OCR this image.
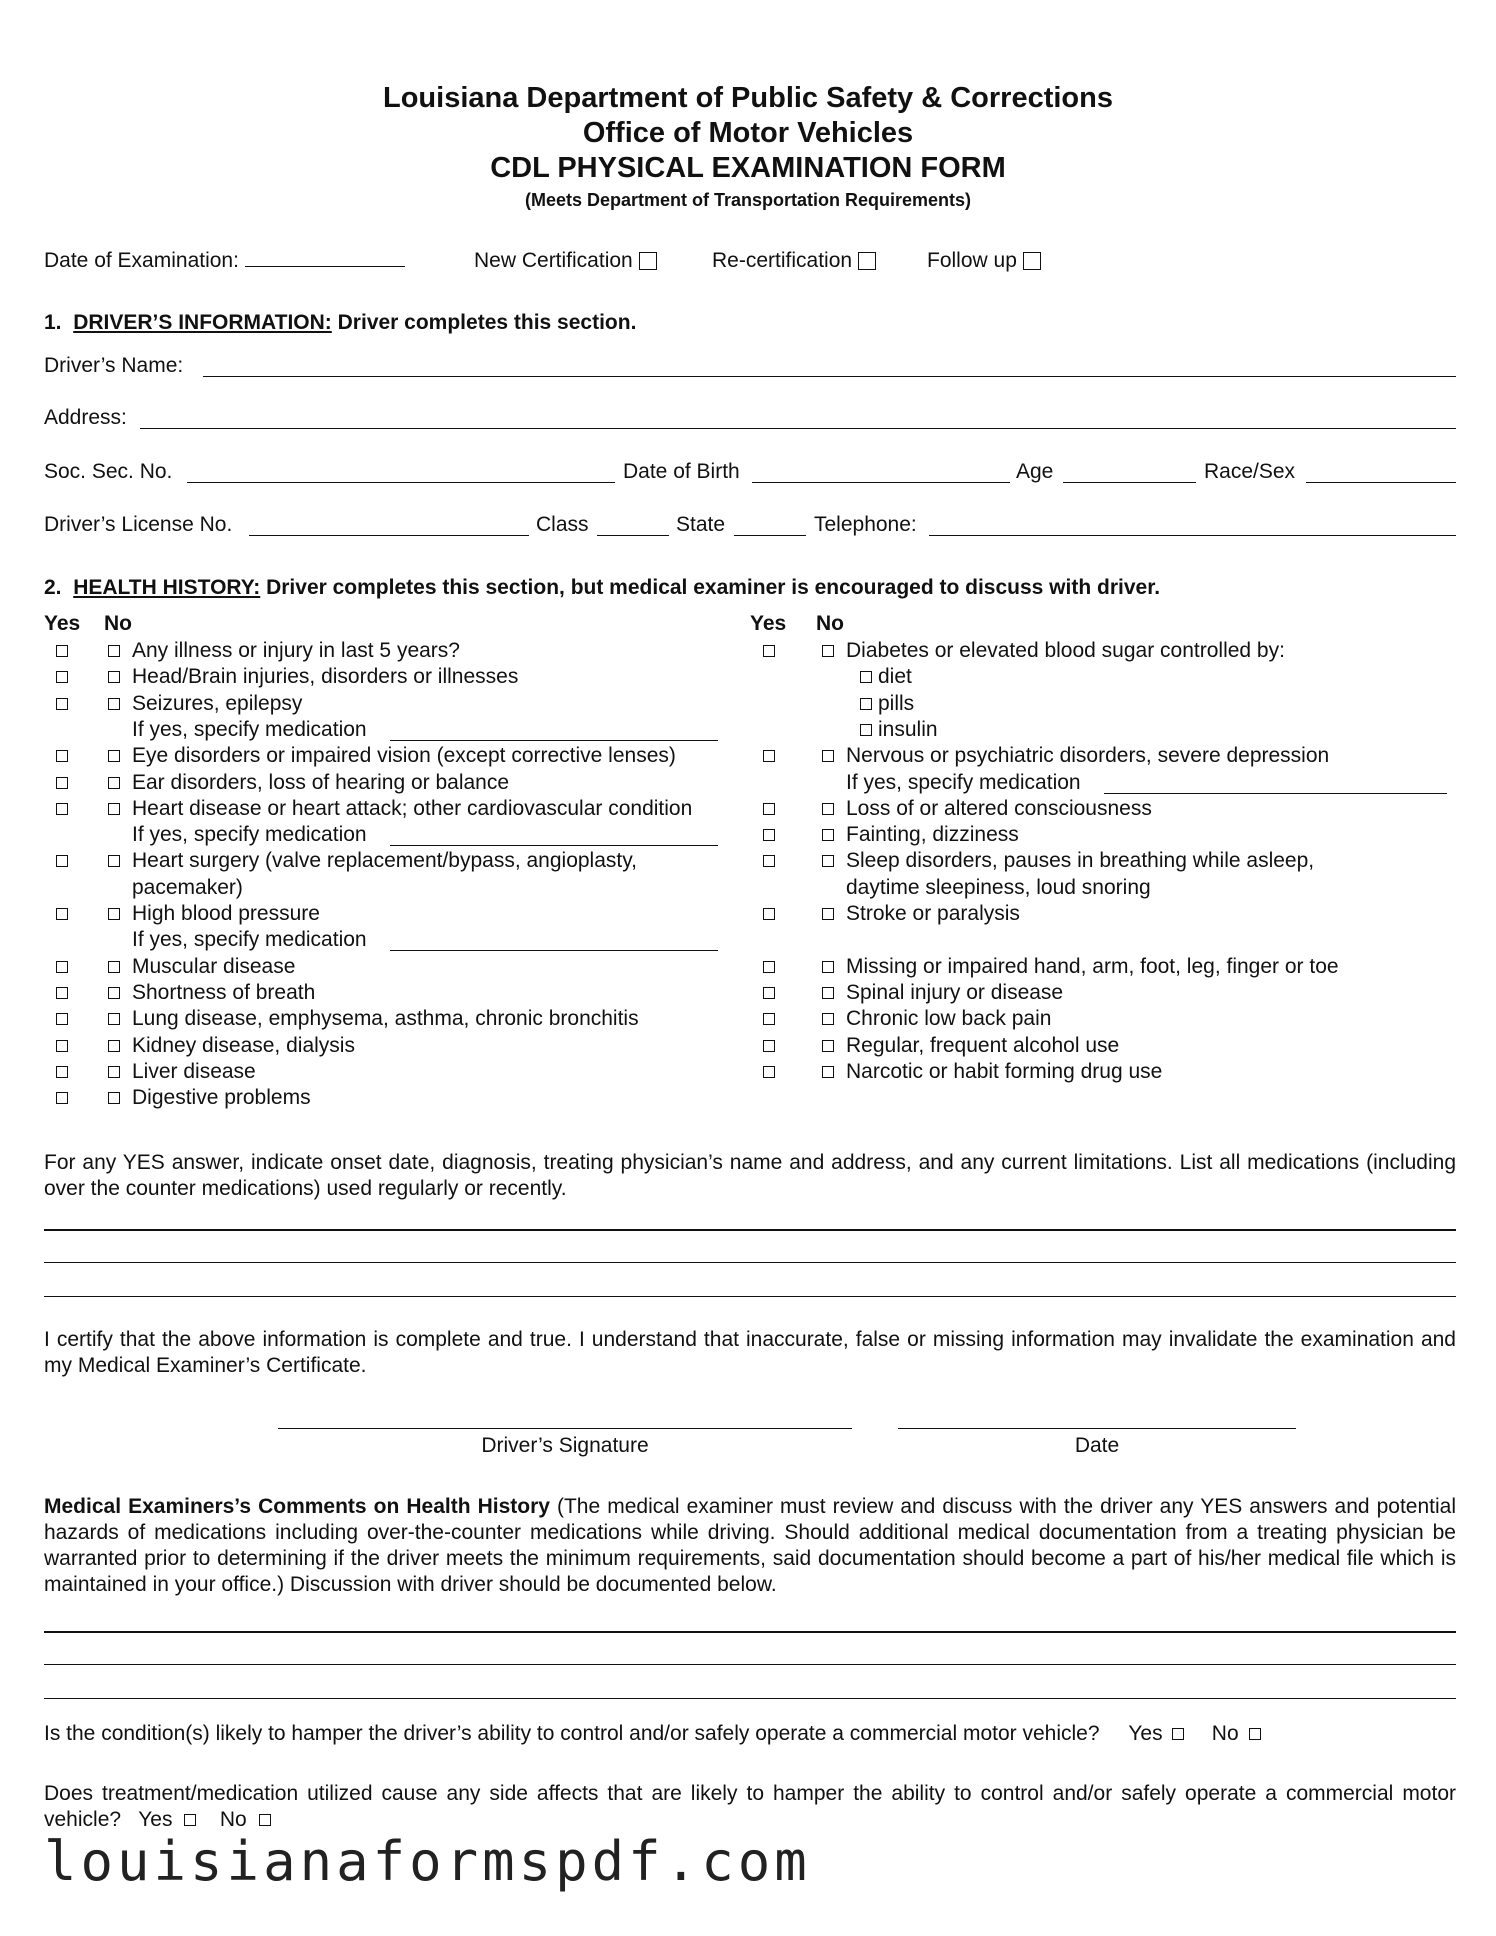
Louisiana Department of Public Safety & Corrections
Office of Motor Vehicles
CDL PHYSICAL EXAMINATION FORM
(Meets Department of Transportation Requirements)
Date of Examination:	New Certification	Re-certification	Follow up
1. DRIVER’S INFORMATION: Driver completes this section.
Driver’s Name:
Address:
Soc. Sec. No.	Date of Birth	Age	Race/Sex
Driver’s License No.	Class	State	Telephone:
2. HEALTH HISTORY: Driver completes this section, but medical examiner is encouraged to discuss with driver.
Yes No	Yes No
Any illness or injury in last 5 years?
Head/Brain injuries, disorders or illnesses
Seizures, epilepsy
If yes, specify medication
Eye disorders or impaired vision (except corrective lenses)
Ear disorders, loss of hearing or balance
Heart disease or heart attack; other cardiovascular condition
If yes, specify medication
Heart surgery (valve replacement/bypass, angioplasty,
pacemaker)
High blood pressure
If yes, specify medication
Muscular disease
Shortness of breath
Lung disease, emphysema, asthma, chronic bronchitis
Kidney disease, dialysis
Liver disease
Digestive problems
Diabetes or elevated blood sugar controlled by:
diet
pills
insulin
Nervous or psychiatric disorders, severe depression
If yes, specify medication
Loss of or altered consciousness
Fainting, dizziness
Sleep disorders, pauses in breathing while asleep,
daytime sleepiness, loud snoring
Stroke or paralysis
Missing or impaired hand, arm, foot, leg, finger or toe
Spinal injury or disease
Chronic low back pain
Regular, frequent alcohol use
Narcotic or habit forming drug use
For any YES answer, indicate onset date, diagnosis, treating physician’s name and address, and any current limitations. List all medications (including over the counter medications) used regularly or recently.
I certify that the above information is complete and true. I understand that inaccurate, false or missing information may invalidate the examination and my Medical Examiner’s Certificate.
Driver’s Signature	Date
Medical Examiners’s Comments on Health History (The medical examiner must review and discuss with the driver any YES answers and potential hazards of medications including over-the-counter medications while driving. Should additional medical documentation from a treating physician be warranted prior to determining if the driver meets the minimum requirements, said documentation should become a part of his/her medical file which is maintained in your office.) Discussion with driver should be documented below.
Is the condition(s) likely to hamper the driver’s ability to control and/or safely operate a commercial motor vehicle? Yes No
Does treatment/medication utilized cause any side affects that are likely to hamper the ability to control and/or safely operate a commercial motor vehicle? Yes No
louisianaformspdf.com
